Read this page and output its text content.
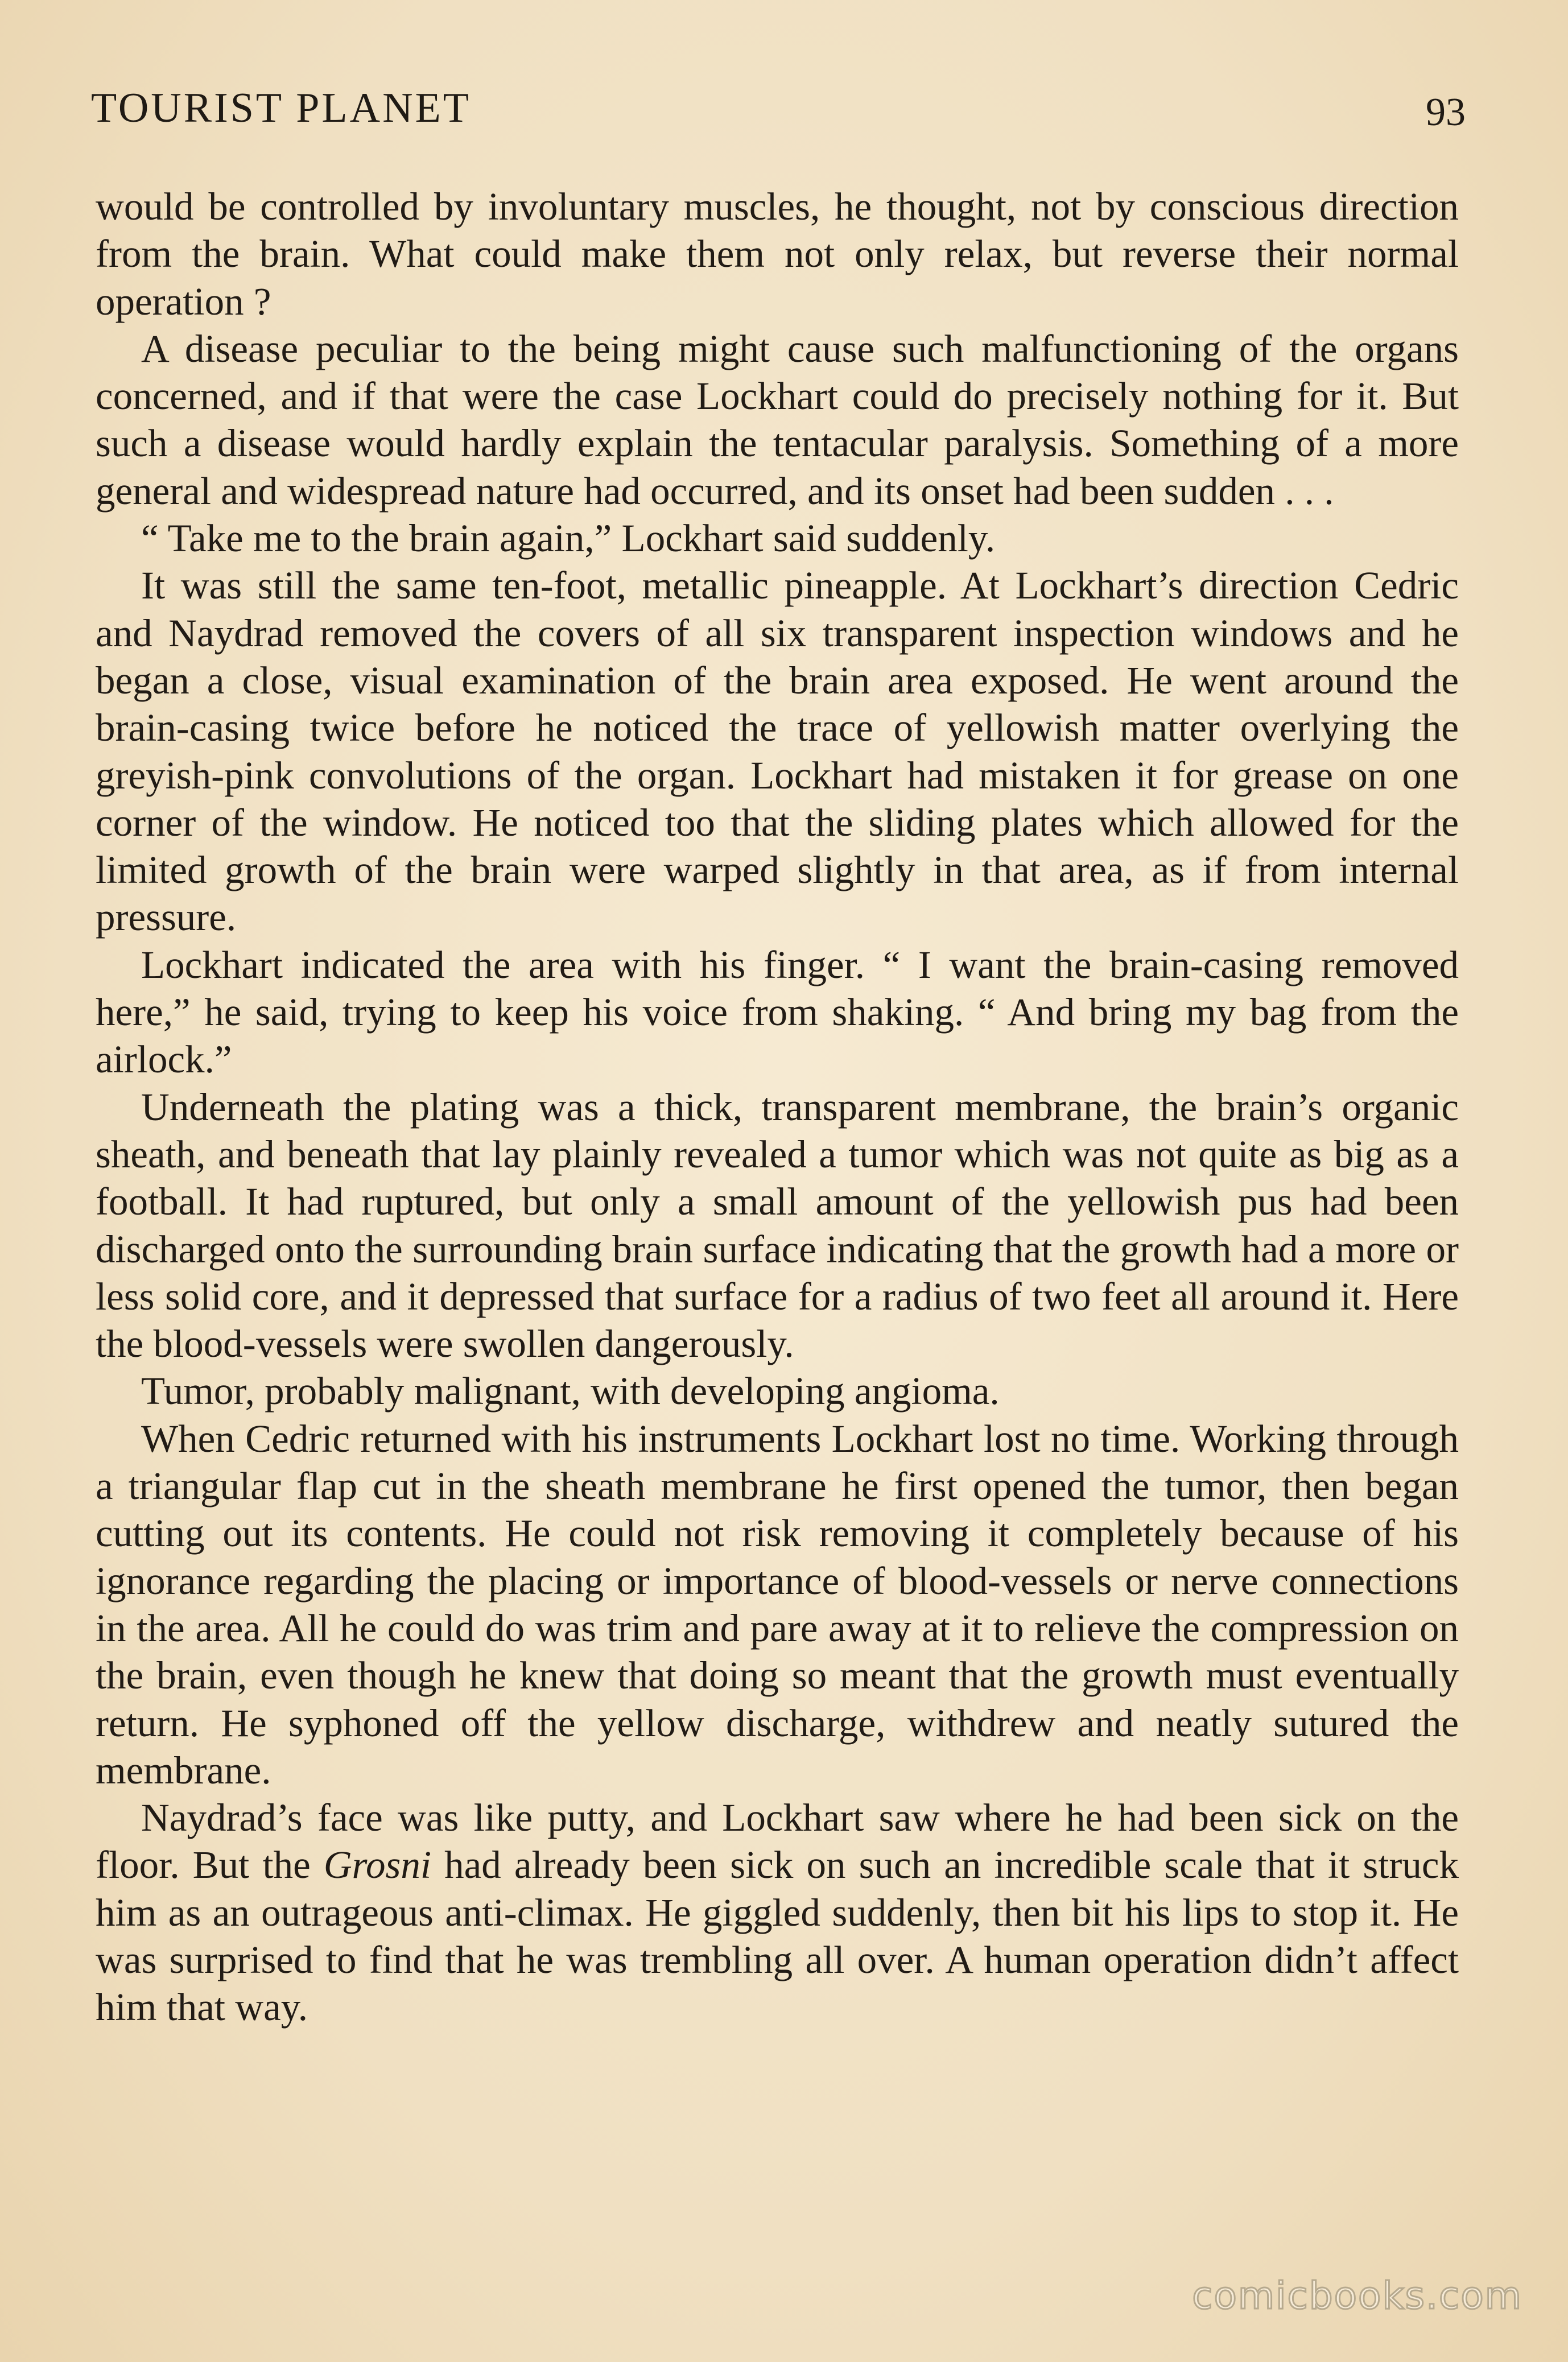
TOURIST PLANET	93

would be controlled by involuntary muscles, he thought, not by conscious direction from the brain. What could make them not only relax, but reverse their normal operation ?

A disease peculiar to the being might cause such malfunctioning of the organs concerned, and if that were the case Lockhart could do precisely nothing for it. But such a disease would hardly explain the tentacular paralysis. Something of a more general and widespread nature had occurred, and its onset had been sudden . . .

“ Take me to the brain again,” Lockhart said suddenly.

It was still the same ten-foot, metallic pineapple. At Lockhart’s direction Cedric and Naydrad removed the covers of all six transparent inspection windows and he began a close, visual examination of the brain area exposed. He went around the brain-casing twice before he noticed the trace of yellowish matter overlying the greyish-pink convolutions of the organ. Lockhart had mistaken it for grease on one corner of the window. He noticed too that the sliding plates which allowed for the limited growth of the brain were warped slightly in that area, as if from internal pressure.

Lockhart indicated the area with his finger. “ I want the brain-casing removed here,” he said, trying to keep his voice from shaking. “ And bring my bag from the airlock.”

Underneath the plating was a thick, transparent membrane, the brain’s organic sheath, and beneath that lay plainly revealed a tumor which was not quite as big as a football. It had ruptured, but only a small amount of the yellowish pus had been discharged onto the surrounding brain surface indicating that the growth had a more or less solid core, and it depressed that surface for a radius of two feet all around it. Here the blood-vessels were swollen dangerously.

Tumor, probably malignant, with developing angioma.

When Cedric returned with his instruments Lockhart lost no time. Working through a triangular flap cut in the sheath membrane he first opened the tumor, then began cutting out its contents. He could not risk removing it completely because of his ignorance regarding the placing or importance of blood-vessels or nerve connections in the area. All he could do was trim and pare away at it to relieve the compression on the brain, even though he knew that doing so meant that the growth must eventually return. He syphoned off the yellow discharge, withdrew and neatly sutured the membrane.

Naydrad’s face was like putty, and Lockhart saw where he had been sick on the floor. But the Grosni had already been sick on such an incredible scale that it struck him as an outrageous anti-climax. He giggled suddenly, then bit his lips to stop it. He was surprised to find that he was trembling all over. A human operation didn’t affect him that way.

comicbooks.com
